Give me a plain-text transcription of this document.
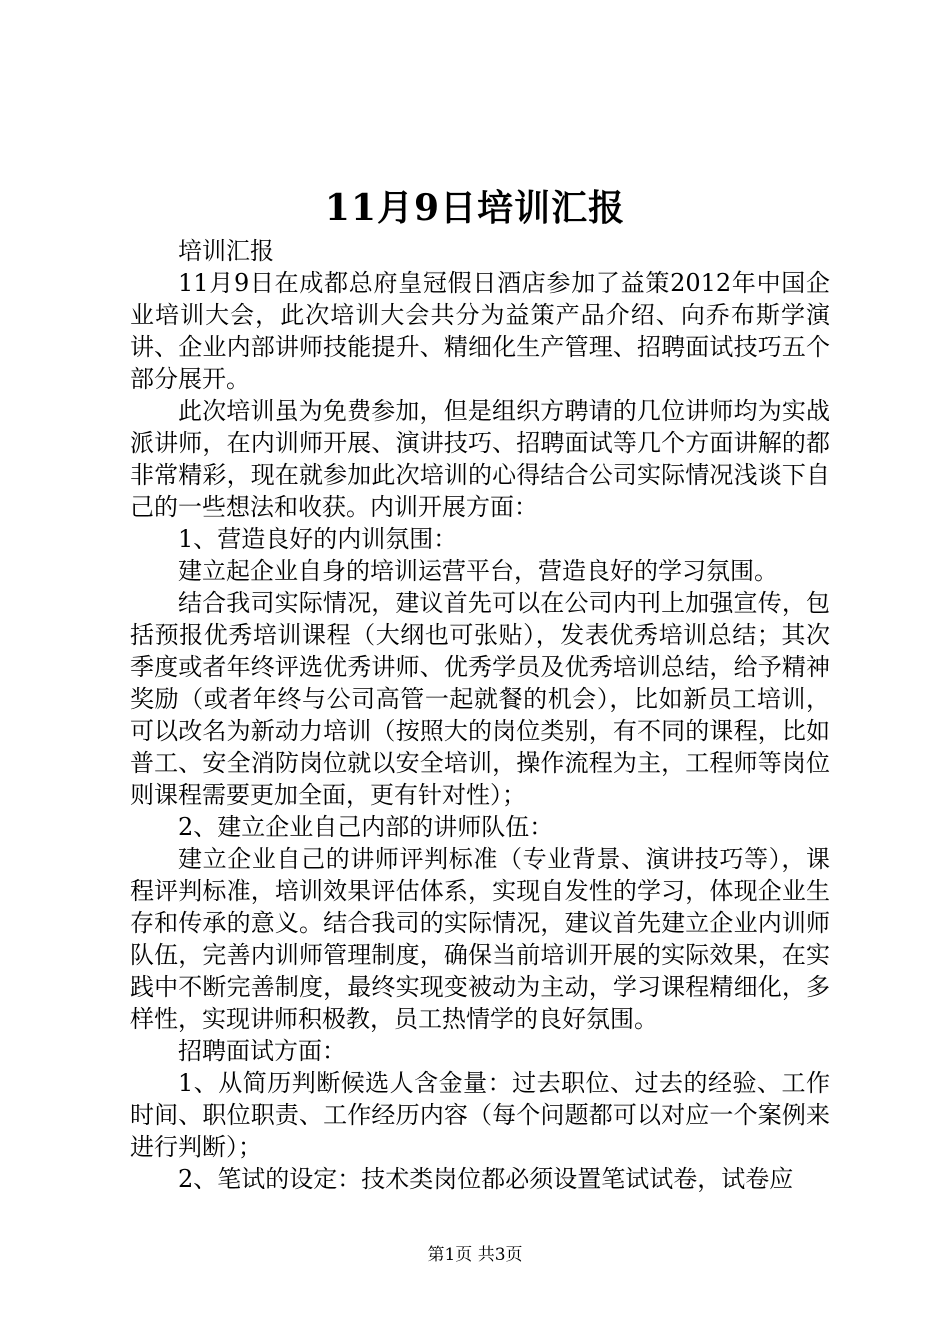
11月9日培训汇报

培训汇报

11月9日在成都总府皇冠假日酒店参加了益策2012年中国企业培训大会，此次培训大会共分为益策产品介绍、向乔布斯学演讲、企业内部讲师技能提升、精细化生产管理、招聘面试技巧五个部分展开。

此次培训虽为免费参加，但是组织方聘请的几位讲师均为实战派讲师，在内训师开展、演讲技巧、招聘面试等几个方面讲解的都非常精彩，现在就参加此次培训的心得结合公司实际情况浅谈下自己的一些想法和收获。内训开展方面：

1、营造良好的内训氛围：

建立起企业自身的培训运营平台，营造良好的学习氛围。

结合我司实际情况，建议首先可以在公司内刊上加强宣传，包括预报优秀培训课程（大纲也可张贴），发表优秀培训总结；其次季度或者年终评选优秀讲师、优秀学员及优秀培训总结，给予精神奖励（或者年终与公司高管一起就餐的机会），比如新员工培训，可以改名为新动力培训（按照大的岗位类别，有不同的课程，比如普工、安全消防岗位就以安全培训，操作流程为主，工程师等岗位则课程需要更加全面，更有针对性）；

2、建立企业自己内部的讲师队伍：

建立企业自己的讲师评判标准（专业背景、演讲技巧等），课程评判标准，培训效果评估体系，实现自发性的学习，体现企业生存和传承的意义。结合我司的实际情况，建议首先建立企业内训师队伍，完善内训师管理制度，确保当前培训开展的实际效果，在实践中不断完善制度，最终实现变被动为主动，学习课程精细化，多样性，实现讲师积极教，员工热情学的良好氛围。

招聘面试方面：

1、从简历判断候选人含金量：过去职位、过去的经验、工作时间、职位职责、工作经历内容（每个问题都可以对应一个案例来进行判断）；

2、笔试的设定：技术类岗位都必须设置笔试试卷，试卷应

第1页 共3页
